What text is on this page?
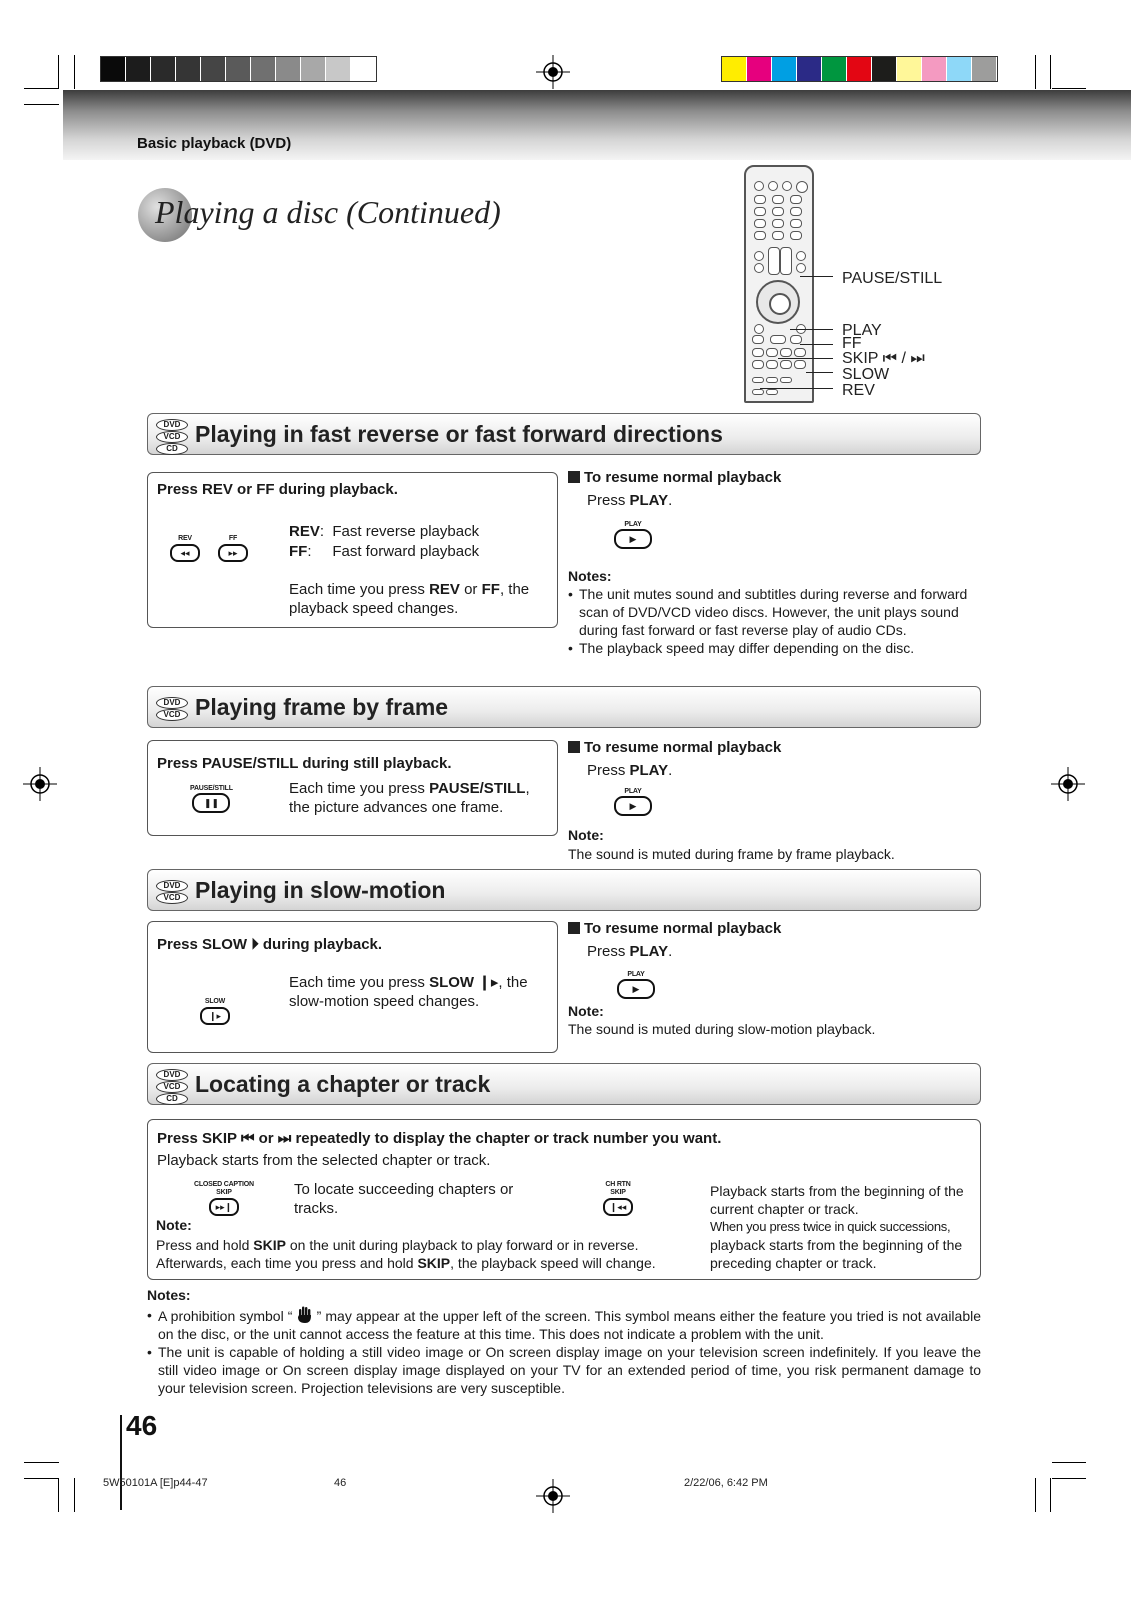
Basic playback (DVD)
Playing a disc (Continued)
PAUSE/STILL
PLAY
FF
SKIP ⏮ / ⏭
SLOW
REV
DVD
VCD
CD
Playing in fast reverse or fast forward directions
Press REV or FF during playback.
REV
◂◂
FF
▸▸
REV:  Fast reverse playback
FF:     Fast forward playback
Each time you press REV or FF, the playback speed changes.
To resume normal playback
Press PLAY.
PLAY
▶
Notes:
• The unit mutes sound and subtitles during reverse and forward scan of DVD/VCD video discs. However, the unit plays sound during fast forward or fast reverse play of audio CDs.
• The playback speed may differ depending on the disc.
DVD
VCD Playing frame by frame
Press PAUSE/STILL during still playback.
PAUSE/STILL
❚❚
Each time you press PAUSE/STILL, the picture advances one frame.
To resume normal playback
Press PLAY.
PLAY
▶
Note:
The sound is muted during frame by frame playback.
DVD
VCD Playing in slow-motion
Press SLOW ⏵ during playback.
SLOW
❙▸
Each time you press SLOW ❙▸, the slow-motion speed changes.
To resume normal playback
Press PLAY.
PLAY
▶
Note:
The sound is muted during slow-motion playback.
DVD
VCD
CD
Locating a chapter or track
Press SKIP ⏮ or ⏭ repeatedly to display the chapter or track number you want.
Playback starts from the selected chapter or track.
CLOSED CAPTION
SKIP
▸▸❙
To locate succeeding chapters or tracks.
CH RTN
SKIP
❙◂◂
Playback starts from the beginning of the current chapter or track.
When you press twice in quick successions,
playback starts from the beginning of the preceding chapter or track.
Note:
Press and hold SKIP on the unit during playback to play forward or in reverse.
Afterwards, each time you press and hold SKIP, the playback speed will change.
Notes:
• A prohibition symbol “ ” may appear at the upper left of the screen. This symbol means either the feature you tried is not available on the disc, or the unit cannot access the feature at this time. This does not indicate a problem with the unit.
• The unit is capable of holding a still video image or On screen display image on your television screen indefinitely. If you leave the still video image or On screen display image displayed on your TV for an extended period of time, you risk permanent damage to your television screen. Projection televisions are very susceptible.
46
5W50101A [E]p44-47	46	2/22/06, 6:42 PM
